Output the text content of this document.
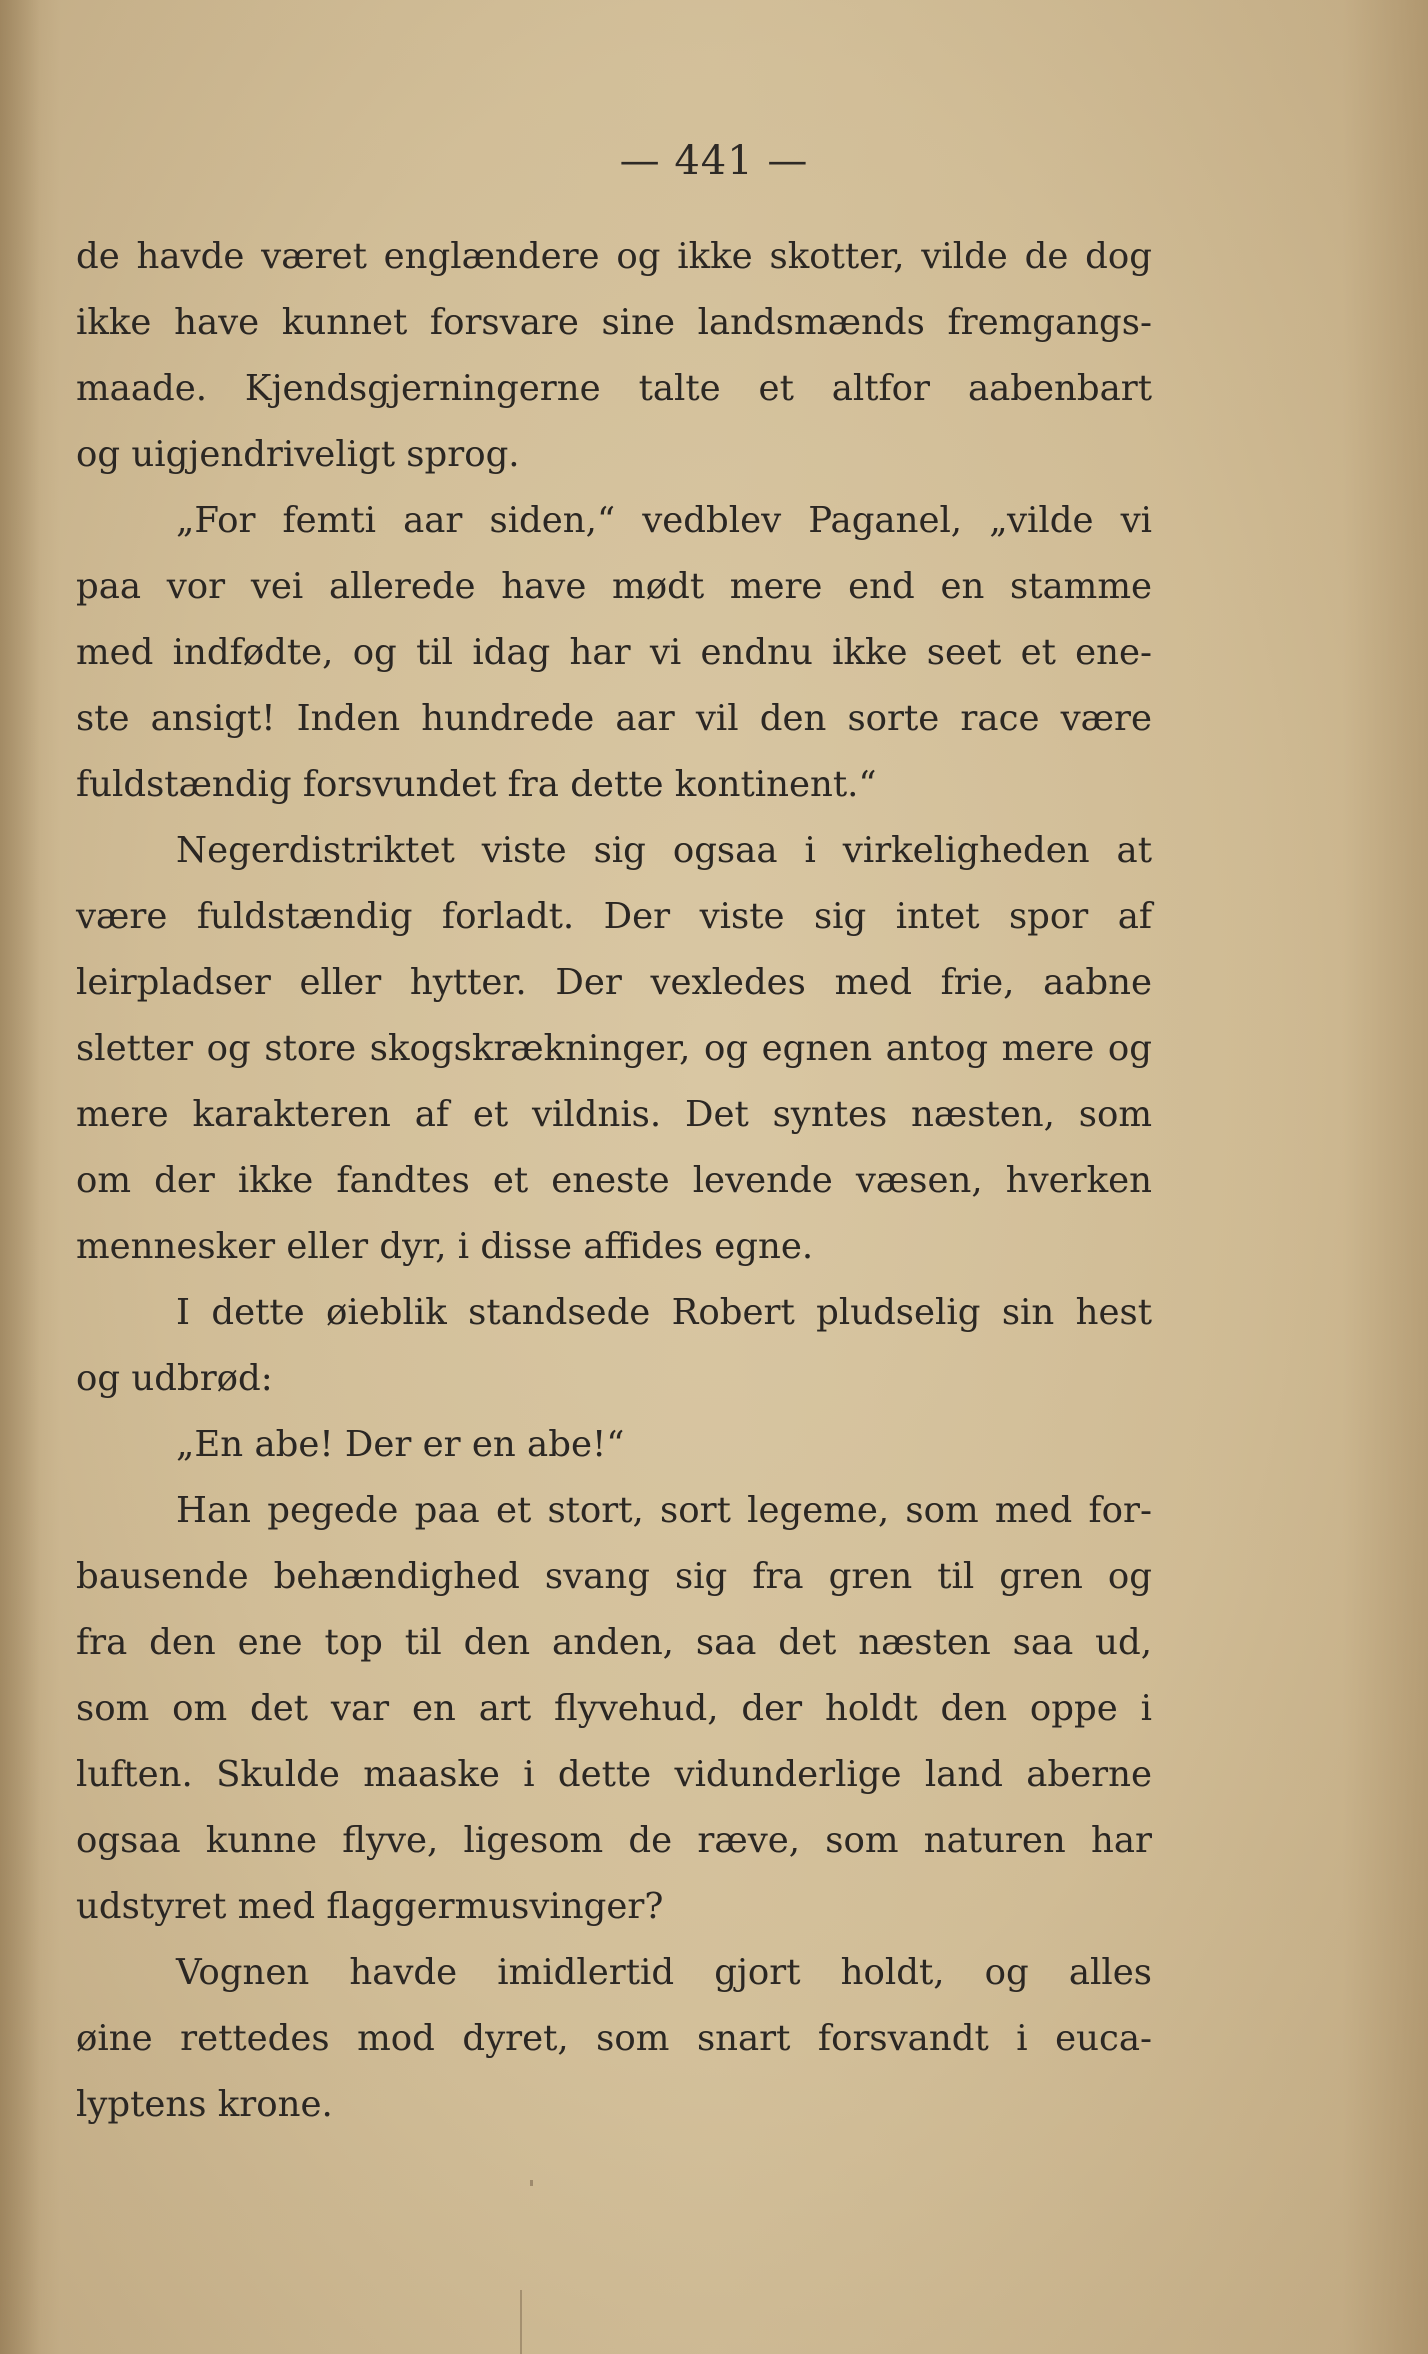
— 441 —
de havde været englændere og ikke skotter, vilde de dog
ikke have kunnet forsvare sine landsmænds fremgangs-
maade. Kjendsgjerningerne talte et altfor aabenbart
og uigjendriveligt sprog.
„For femti aar siden,“ vedblev Paganel, „vilde vi
paa vor vei allerede have mødt mere end en stamme
med indfødte, og til idag har vi endnu ikke seet et ene-
ste ansigt! Inden hundrede aar vil den sorte race være
fuldstændig forsvundet fra dette kontinent.“
Negerdistriktet viste sig ogsaa i virkeligheden at
være fuldstændig forladt. Der viste sig intet spor af
leirpladser eller hytter. Der vexledes med frie, aabne
sletter og store skogskrækninger, og egnen antog mere og
mere karakteren af et vildnis. Det syntes næsten, som
om der ikke fandtes et eneste levende væsen, hverken
mennesker eller dyr, i disse affides egne.
I dette øieblik standsede Robert pludselig sin hest
og udbrød:
„En abe! Der er en abe!“
Han pegede paa et stort, sort legeme, som med for-
bausende behændighed svang sig fra gren til gren og
fra den ene top til den anden, saa det næsten saa ud,
som om det var en art flyvehud, der holdt den oppe i
luften. Skulde maaske i dette vidunderlige land aberne
ogsaa kunne flyve, ligesom de ræve, som naturen har
udstyret med flaggermusvinger?
Vognen havde imidlertid gjort holdt, og alles
øine rettedes mod dyret, som snart forsvandt i euca-
lyptens krone.
